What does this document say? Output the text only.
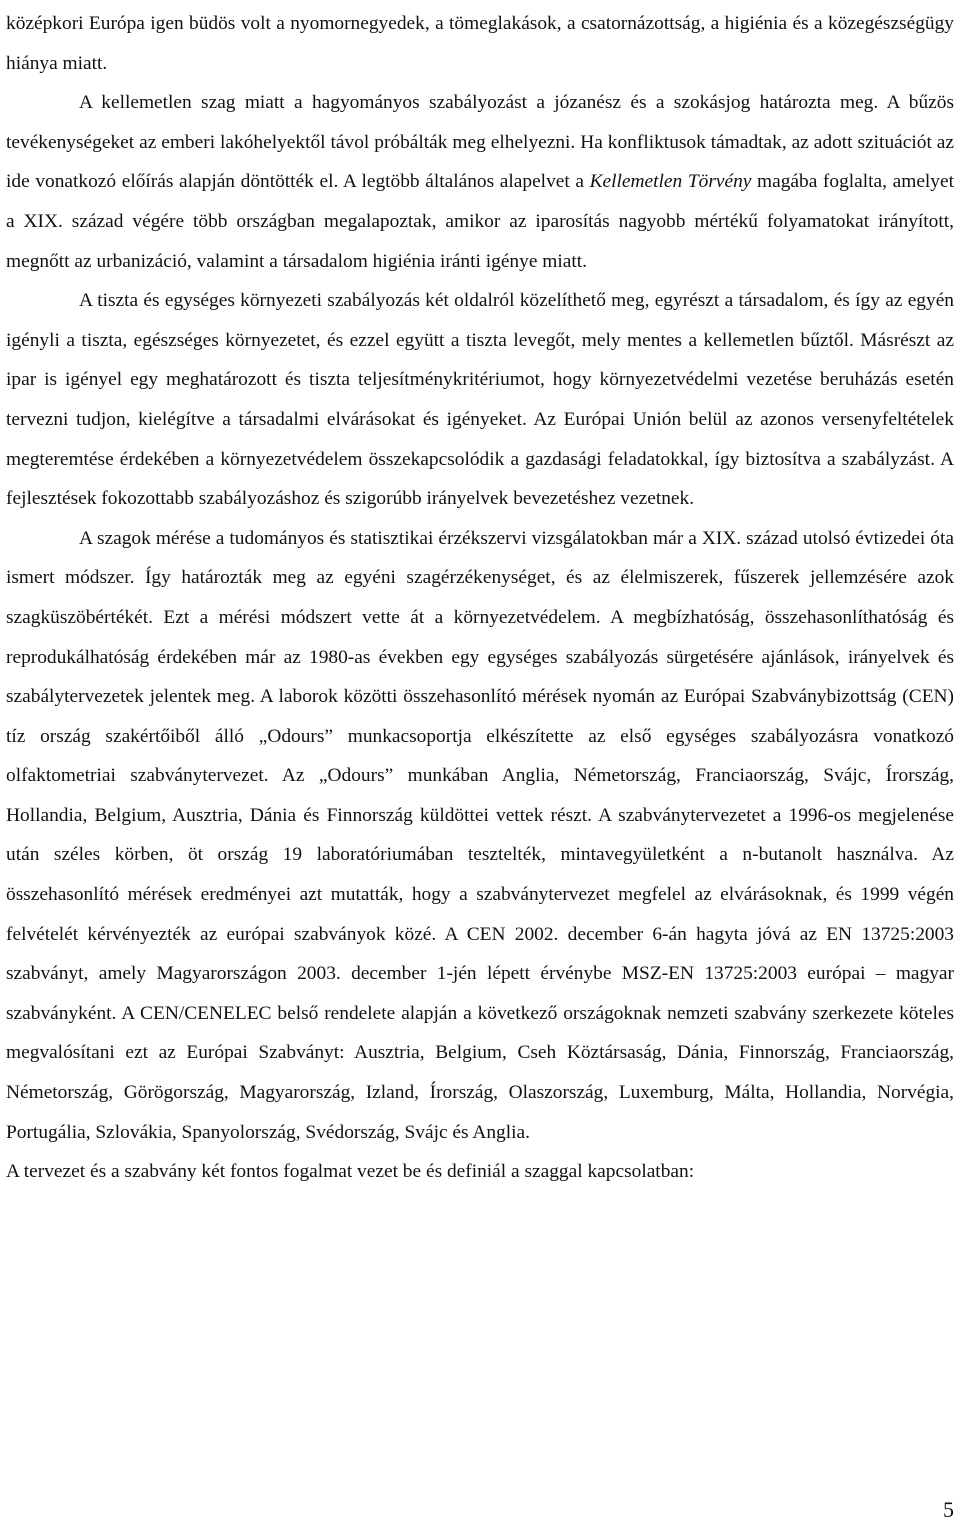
középkori Európa igen büdös volt a nyomornegyedek, a tömeglakások, a csatornázottság, a higiénia és a közegészségügy hiánya miatt.

A kellemetlen szag miatt a hagyományos szabályozást a józanész és a szokásjog határozta meg. A bűzös tevékenységeket az emberi lakóhelyektől távol próbálták meg elhelyezni. Ha konfliktusok támadtak, az adott szituációt az ide vonatkozó előírás alapján döntötték el. A legtöbb általános alapelvet a Kellemetlen Törvény magába foglalta, amelyet a XIX. század végére több országban megalapoztak, amikor az iparosítás nagyobb mértékű folyamatokat irányított, megnőtt az urbanizáció, valamint a társadalom higiénia iránti igénye miatt.

A tiszta és egységes környezeti szabályozás két oldalról közelíthető meg, egyrészt a társadalom, és így az egyén igényli a tiszta, egészséges környezetet, és ezzel együtt a tiszta levegőt, mely mentes a kellemetlen bűztől. Másrészt az ipar is igényel egy meghatározott és tiszta teljesítménykritériumot, hogy környezetvédelmi vezetése beruházás esetén tervezni tudjon, kielégítve a társadalmi elvárásokat és igényeket. Az Európai Unión belül az azonos versenyfeltételek megteremtése érdekében a környezetvédelem összekapcsolódik a gazdasági feladatokkal, így biztosítva a szabályzást. A fejlesztések fokozottabb szabályozáshoz és szigorúbb irányelvek bevezetéshez vezetnek.

A szagok mérése a tudományos és statisztikai érzékszervi vizsgálatokban már a XIX. század utolsó évtizedei óta ismert módszer. Így határozták meg az egyéni szagérzékenységet, és az élelmiszerek, fűszerek jellemzésére azok szagküszöbértékét. Ezt a mérési módszert vette át a környezetvédelem. A megbízhatóság, összehasonlíthatóság és reprodukálhatóság érdekében már az 1980-as években egy egységes szabályozás sürgetésére ajánlások, irányelvek és szabálytervezetek jelentek meg. A laborok közötti összehasonlító mérések nyomán az Európai Szabványbizottság (CEN) tíz ország szakértőiből álló „Odours” munkacsoportja elkészítette az első egységes szabályozásra vonatkozó olfaktometriai szabványtervezet. Az „Odours” munkában Anglia, Németország, Franciaország, Svájc, Írország, Hollandia, Belgium, Ausztria, Dánia és Finnország küldöttei vettek részt. A szabványtervezetet a 1996-os megjelenése után széles körben, öt ország 19 laboratóriumában tesztelték, mintavegyületként a n-butanolt használva. Az összehasonlító mérések eredményei azt mutatták, hogy a szabványtervezet megfelel az elvárásoknak, és 1999 végén felvételét kérvényezték az európai szabványok közé. A CEN 2002. december 6-án hagyta jóvá az EN 13725:2003 szabványt, amely Magyarországon 2003. december 1-jén lépett érvénybe MSZ-EN 13725:2003 európai – magyar szabványként. A CEN/CENELEC belső rendelete alapján a következő országoknak nemzeti szabvány szerkezete köteles megvalósítani ezt az Európai Szabványt: Ausztria, Belgium, Cseh Köztársaság, Dánia, Finnország, Franciaország, Németország, Görögország, Magyarország, Izland, Írország, Olaszország, Luxemburg, Málta, Hollandia, Norvégia, Portugália, Szlovákia, Spanyolország, Svédország, Svájc és Anglia.

A tervezet és a szabvány két fontos fogalmat vezet be és definiál a szaggal kapcsolatban:

5
